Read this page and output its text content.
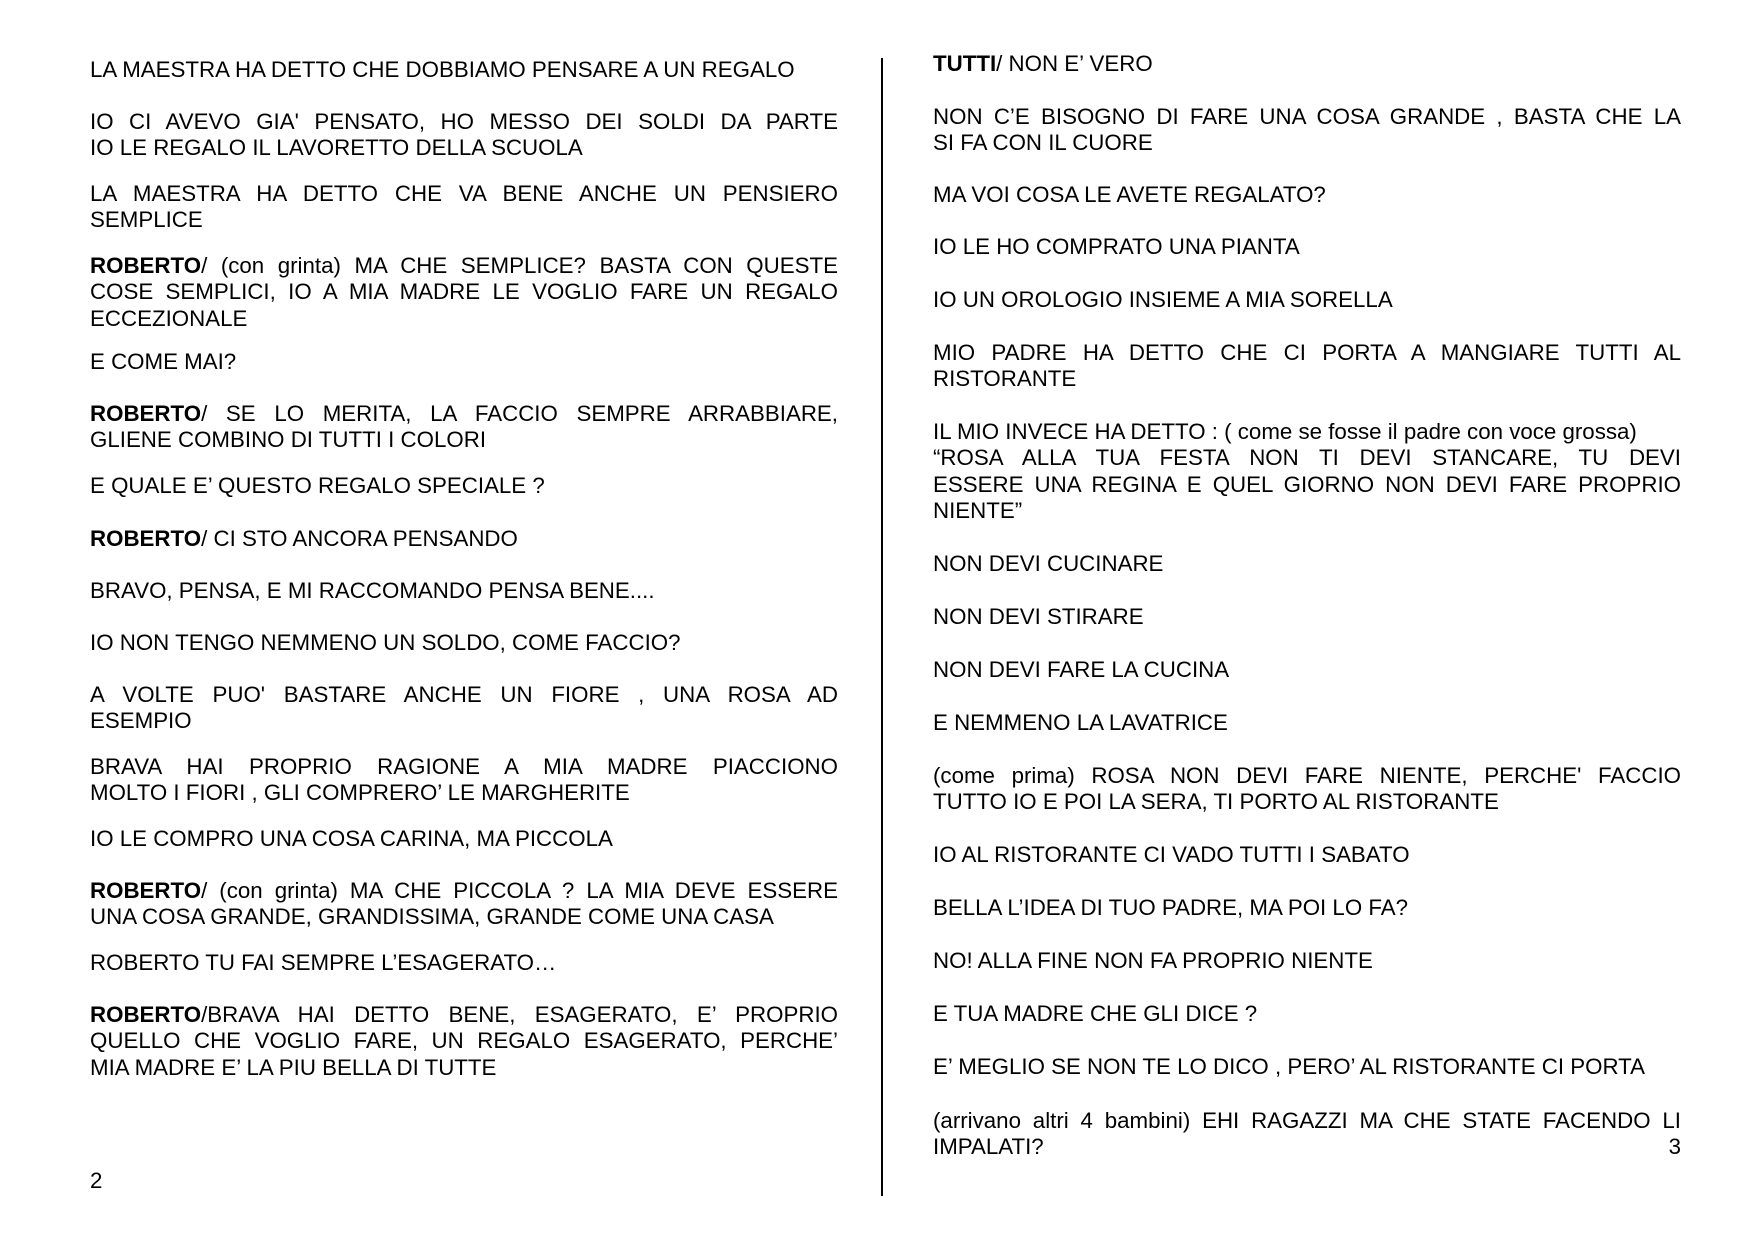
LA MAESTRA HA DETTO CHE DOBBIAMO PENSARE A UN REGALO
IO CI AVEVO GIA' PENSATO, HO MESSO DEI SOLDI DA PARTE
IO LE REGALO IL LAVORETTO DELLA SCUOLA
LA MAESTRA HA DETTO CHE VA BENE ANCHE UN PENSIERO
SEMPLICE
ROBERTO/ (con grinta) MA CHE SEMPLICE? BASTA CON QUESTE
COSE SEMPLICI, IO A MIA MADRE LE VOGLIO FARE UN REGALO
ECCEZIONALE
E COME MAI?
ROBERTO/ SE LO MERITA, LA FACCIO SEMPRE ARRABBIARE,
GLIENE COMBINO DI TUTTI I COLORI
E QUALE E’ QUESTO REGALO SPECIALE ?
ROBERTO/ CI STO ANCORA PENSANDO
BRAVO, PENSA, E MI RACCOMANDO PENSA BENE....
IO NON TENGO NEMMENO UN SOLDO, COME FACCIO?
A VOLTE PUO' BASTARE ANCHE UN FIORE , UNA ROSA AD
ESEMPIO
BRAVA HAI PROPRIO RAGIONE A MIA MADRE PIACCIONO
MOLTO I FIORI , GLI COMPRERO’ LE MARGHERITE
IO LE COMPRO UNA COSA CARINA, MA PICCOLA
ROBERTO/ (con grinta) MA CHE PICCOLA ? LA MIA DEVE ESSERE
UNA COSA GRANDE, GRANDISSIMA, GRANDE COME UNA CASA
ROBERTO TU FAI SEMPRE L’ESAGERATO…
ROBERTO/BRAVA HAI DETTO BENE, ESAGERATO, E’ PROPRIO
QUELLO CHE VOGLIO FARE, UN REGALO ESAGERATO, PERCHE’
MIA MADRE E’ LA PIU BELLA DI TUTTE
2
TUTTI/ NON E’ VERO
NON C’E BISOGNO DI FARE UNA COSA GRANDE , BASTA CHE LA
SI FA CON IL CUORE
MA VOI COSA LE AVETE REGALATO?
IO LE HO COMPRATO UNA PIANTA
IO UN OROLOGIO INSIEME A MIA SORELLA
MIO PADRE HA DETTO CHE CI PORTA A MANGIARE TUTTI AL
RISTORANTE
IL MIO INVECE HA DETTO : ( come se fosse il padre con voce grossa)
“ROSA ALLA TUA FESTA NON TI DEVI STANCARE, TU DEVI
ESSERE UNA REGINA E QUEL GIORNO NON DEVI FARE PROPRIO
NIENTE”
NON DEVI CUCINARE
NON DEVI STIRARE
NON DEVI FARE LA CUCINA
E NEMMENO LA LAVATRICE
(come prima) ROSA NON DEVI FARE NIENTE, PERCHE' FACCIO
TUTTO IO E POI LA SERA, TI PORTO AL RISTORANTE
IO AL RISTORANTE CI VADO TUTTI I SABATO
BELLA L’IDEA DI TUO PADRE, MA POI LO FA?
NO! ALLA FINE NON FA PROPRIO NIENTE
E TUA MADRE CHE GLI DICE ?
E’ MEGLIO SE NON TE LO DICO , PERO’ AL RISTORANTE CI PORTA
(arrivano altri 4 bambini) EHI RAGAZZI MA CHE STATE FACENDO LI
IMPALATI?	3
